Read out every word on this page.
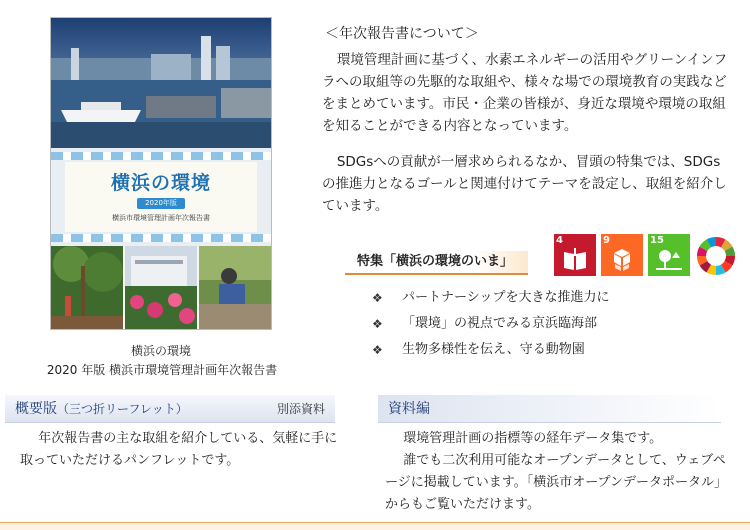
横浜の環境
2020年版
横浜市環境管理計画年次報告書
横浜の環境
2020 年版 横浜市環境管理計画年次報告書
＜年次報告書について＞

環境管理計画に基づく、水素エネルギーの活用やグリーンインフラへの取組等の先駆的な取組や、様々な場での環境教育の実践などをまとめています。市民・企業の皆様が、身近な環境や環境の取組を知ることができる内容となっています。

SDGsへの貢献が一層求められるなか、冒頭の特集では、SDGs の推進力となるゴールと関連付けてテーマを設定し、取組を紹介しています。

特集「横浜の環境のいま」
4	9	15
❖	パートナーシップを大きな推進力に
❖	「環境」の視点でみる京浜臨海部
❖	生物多様性を伝え、守る動物園
概要版（三つ折リーフレット）	別添資料

年次報告書の主な取組を紹介している、気軽に手に取っていただけるパンフレットです。

資料編

環境管理計画の指標等の経年データ集です。

誰でも二次利用可能なオープンデータとして、ウェブページに掲載しています。「横浜市オープンデータポータル」からもご覧いただけます。
